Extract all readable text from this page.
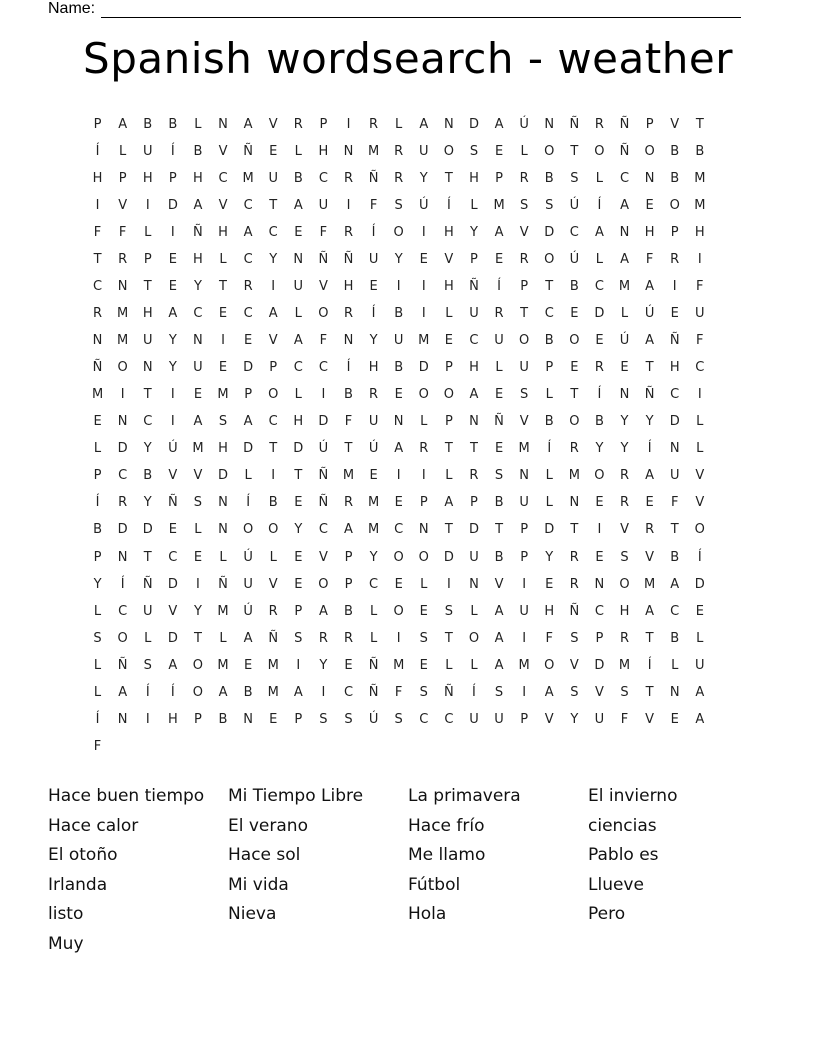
Name:
Spanish wordsearch - weather
P	A	B	B	L	N	A	V	R	P	I	R	L	A	N	D	A	Ú	N	Ñ	R	Ñ	P	V	T
Í	L	U	Í	B	V	Ñ	E	L	H	N	M	R	U	O	S	E	L	O	T	O	Ñ	O	B	B
H	P	H	P	H	C	M	U	B	C	R	Ñ	R	Y	T	H	P	R	B	S	L	C	N	B	M
I	V	I	D	A	V	C	T	A	U	I	F	S	Ú	Í	L	M	S	S	Ú	Í	A	E	O	M
F	F	L	I	Ñ	H	A	C	E	F	R	Í	O	I	H	Y	A	V	D	C	A	N	H	P	H
T	R	P	E	H	L	C	Y	N	Ñ	Ñ	U	Y	E	V	P	E	R	O	Ú	L	A	F	R	I
C	N	T	E	Y	T	R	I	U	V	H	E	I	I	H	Ñ	Í	P	T	B	C	M	A	I	F
R	M	H	A	C	E	C	A	L	O	R	Í	B	I	L	U	R	T	C	E	D	L	Ú	E	U
N	M	U	Y	N	I	E	V	A	F	N	Y	U	M	E	C	U	O	B	O	E	Ú	A	Ñ	F
Ñ	O	N	Y	U	E	D	P	C	C	Í	H	B	D	P	H	L	U	P	E	R	E	T	H	C
M	I	T	I	E	M	P	O	L	I	B	R	E	O	O	A	E	S	L	T	Í	N	Ñ	C	I
E	N	C	I	A	S	A	C	H	D	F	U	N	L	P	N	Ñ	V	B	O	B	Y	Y	D	L
L	D	Y	Ú	M	H	D	T	D	Ú	T	Ú	A	R	T	T	E	M	Í	R	Y	Y	Í	N	L
P	C	B	V	V	D	L	I	T	Ñ	M	E	I	I	L	R	S	N	L	M	O	R	A	U	V
Í	R	Y	Ñ	S	N	Í	B	E	Ñ	R	M	E	P	A	P	B	U	L	N	E	R	E	F	V
B	D	D	E	L	N	O	O	Y	C	A	M	C	N	T	D	T	P	D	T	I	V	R	T	O
P	N	T	C	E	L	Ú	L	E	V	P	Y	O	O	D	U	B	P	Y	R	E	S	V	B	Í
Y	Í	Ñ	D	I	Ñ	U	V	E	O	P	C	E	L	I	N	V	I	E	R	N	O	M	A	D
L	C	U	V	Y	M	Ú	R	P	A	B	L	O	E	S	L	A	U	H	Ñ	C	H	A	C	E
S	O	L	D	T	L	A	Ñ	S	R	R	L	I	S	T	O	A	I	F	S	P	R	T	B	L
L	Ñ	S	A	O	M	E	M	I	Y	E	Ñ	M	E	L	L	A	M	O	V	D	M	Í	L	U
L	A	Í	Í	O	A	B	M	A	I	C	Ñ	F	S	Ñ	Í	S	I	A	S	V	S	T	N	A
Í	N	I	H	P	B	N	E	P	S	S	Ú	S	C	C	U	U	P	V	Y	U	F	V	E	A
F
Hace buen tiempo	Mi Tiempo Libre	La primavera	El invierno
Hace calor	El verano	Hace frío	ciencias
El otoño	Hace sol	Me llamo	Pablo es
Irlanda	Mi vida	Fútbol	Llueve
listo	Nieva	Hola	Pero
Muy
